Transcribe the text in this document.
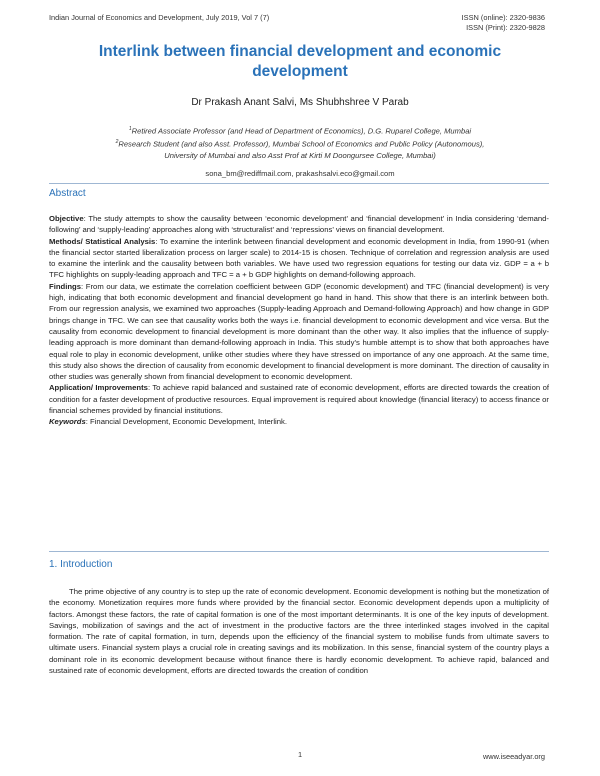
Indian Journal of Economics and Development, July 2019, Vol 7 (7)	ISSN (online): 2320-9836
ISSN (Print): 2320-9828
Interlink between financial development and economic development
Dr Prakash Anant Salvi, Ms Shubhshree V Parab
$^1$Retired Associate Professor (and Head of Department of Economics), D.G. Ruparel College, Mumbai
$^2$Research Student (and also Asst. Professor), Mumbai School of Economics and Public Policy (Autonomous),
University of Mumbai and also Asst Prof at Kirti M Doongursee College, Mumbai)
sona_bm@rediffmail.com, prakashsalvi.eco@gmail.com
Abstract

Objective: The study attempts to show the causality between ‘economic development’ and ‘financial development’ in India considering ‘demand-following’ and ‘supply-leading’ approaches along with ‘structuralist’ and ‘repressions’ views on financial development.

Methods/ Statistical Analysis: To examine the interlink between financial development and economic development in India, from 1990-91 (when the financial sector started liberalization process on larger scale) to 2014-15 is chosen. Technique of correlation and regression analysis are used to examine the interlink and the causality between both variables. We have used two regression equations for testing our data viz. GDP = a + b TFC highlights on supply-leading approach and TFC = a + b GDP highlights on demand-following approach.

Findings: From our data, we estimate the correlation coefficient between GDP (economic development) and TFC (financial development) is very high, indicating that both economic development and financial development go hand in hand. This show that there is an interlink between both. From our regression analysis, we examined two approaches (Supply-leading Approach and Demand-following Approach) and how change in GDP brings change in TFC. We can see that causality works both the ways i.e. financial development to economic development and vice versa. But the causality from economic development to financial development is more dominant than the other way. It also implies that the influence of supply-leading approach is more dominant than demand-following approach in India. This study’s humble attempt is to show that both approaches have equal role to play in economic development, unlike other studies where they have stressed on importance of any one approach. At the same time, this study also shows the direction of causality from economic development to financial development is more dominant. The direction of causality in other studies was generally shown from financial development to economic development.

Application/ Improvements: To achieve rapid balanced and sustained rate of economic development, efforts are directed towards the creation of condition for a faster development of productive resources. Equal improvement is required about knowledge (financial literacy) to access finance or financial schemes provided by financial institutions.

Keywords: Financial Development, Economic Development, Interlink.

1. Introduction

The prime objective of any country is to step up the rate of economic development. Economic development is nothing but the monetization of the economy. Monetization requires more funds where provided by the financial sector. Economic development depends upon a multiplicity of factors. Amongst these factors, the rate of capital formation is one of the most important determinants. It is one of the key inputs of development. Savings, mobilization of savings and the act of investment in the productive factors are the three interlinked stages involved in the capital formation. The rate of capital formation, in turn, depends upon the efficiency of the financial system to mobilise funds from ultimate savers to ultimate users. Financial system plays a crucial role in creating savings and its mobilization. In this sense, financial system of the country plays a dominant role in its economic development because without finance there is hardly economic development. To achieve rapid, balanced and sustained rate of economic development, efforts are directed towards the creation of condition

1	www.iseeadyar.org
